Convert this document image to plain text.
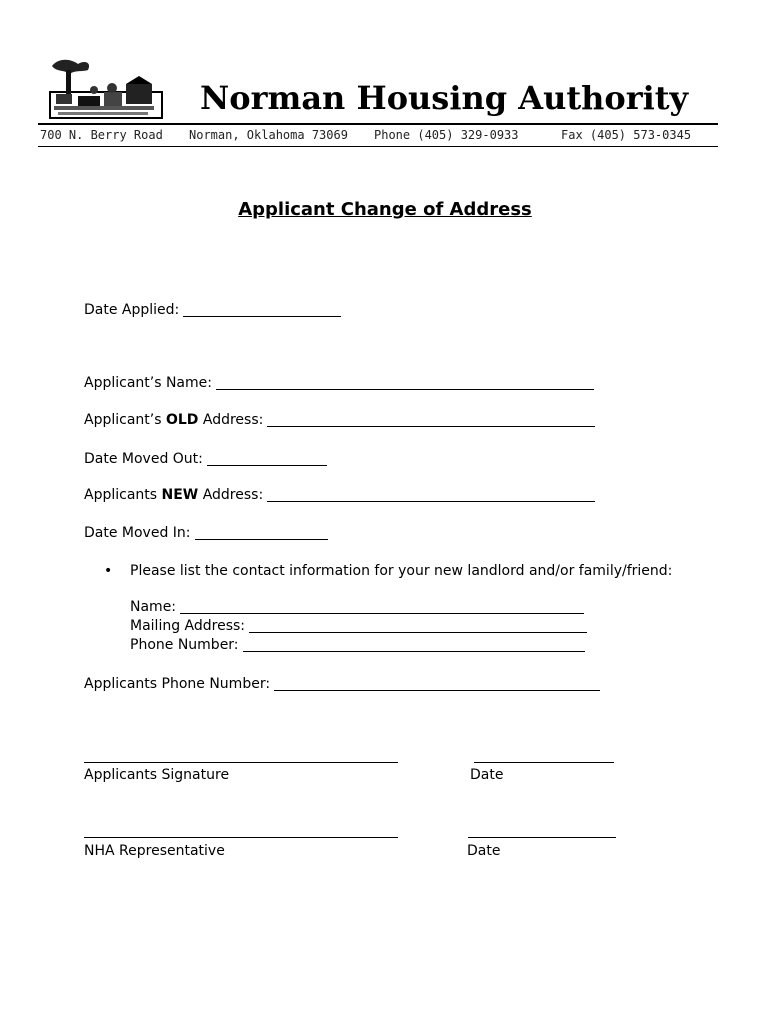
Norman Housing Authority
700 N. Berry Road Norman, Oklahoma 73069 Phone (405) 329-0933	Fax (405) 573-0345
Applicant Change of Address
Date Applied:
Applicant’s Name:
Applicant’s OLD Address:
Date Moved Out:
Applicants NEW Address:
Date Moved In:
•	Please list the contact information for your new landlord and/or family/friend:
Name:
Mailing Address:
Phone Number:
Applicants Phone Number:
Applicants Signature	Date
NHA Representative	Date
